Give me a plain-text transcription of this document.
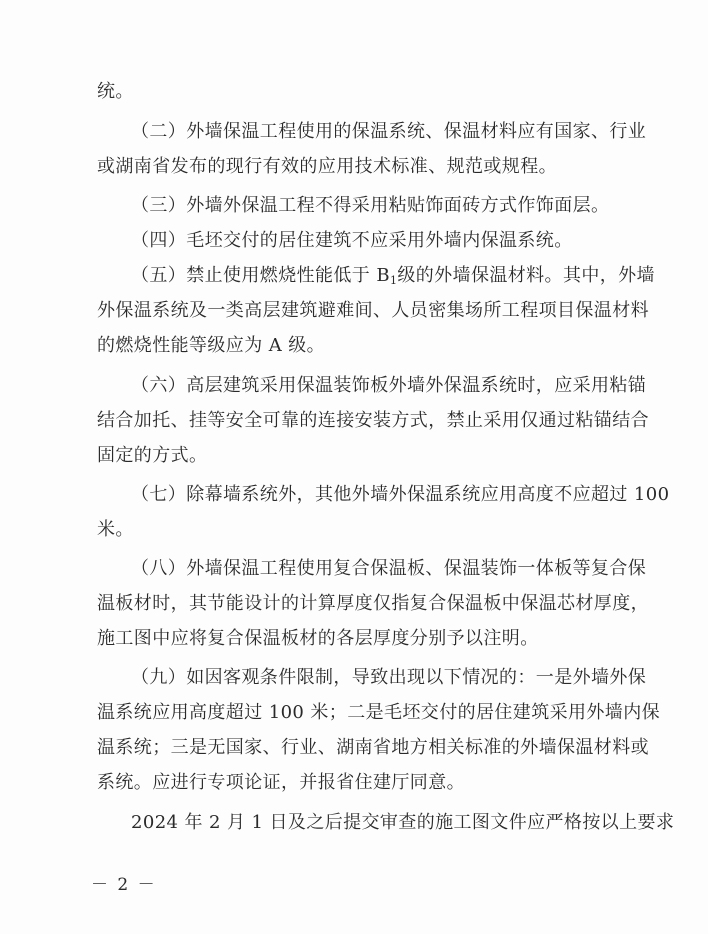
统。
（二）外墙保温工程使用的保温系统、保温材料应有国家、行业
或湖南省发布的现行有效的应用技术标准、规范或规程。
（三）外墙外保温工程不得采用粘贴饰面砖方式作饰面层。
（四）毛坯交付的居住建筑不应采用外墙内保温系统。
（五）禁止使用燃烧性能低于 $B_1$级的外墙保温材料。其中，外墙
外保温系统及一类高层建筑避难间、人员密集场所工程项目保温材料
的燃烧性能等级应为 A 级。
（六）高层建筑采用保温装饰板外墙外保温系统时，应采用粘锚
结合加托、挂等安全可靠的连接安装方式，禁止采用仅通过粘锚结合
固定的方式。
（七）除幕墙系统外，其他外墙外保温系统应用高度不应超过 100
米。
（八）外墙保温工程使用复合保温板、保温装饰一体板等复合保
温板材时，其节能设计的计算厚度仅指复合保温板中保温芯材厚度，
施工图中应将复合保温板材的各层厚度分别予以注明。
（九）如因客观条件限制，导致出现以下情况的：一是外墙外保
温系统应用高度超过 100 米；二是毛坯交付的居住建筑采用外墙内保
温系统；三是无国家、行业、湖南省地方相关标准的外墙保温材料或
系统。应进行专项论证，并报省住建厅同意。
2024 年 2 月 1 日及之后提交审查的施工图文件应严格按以上要求
－ 2 －
